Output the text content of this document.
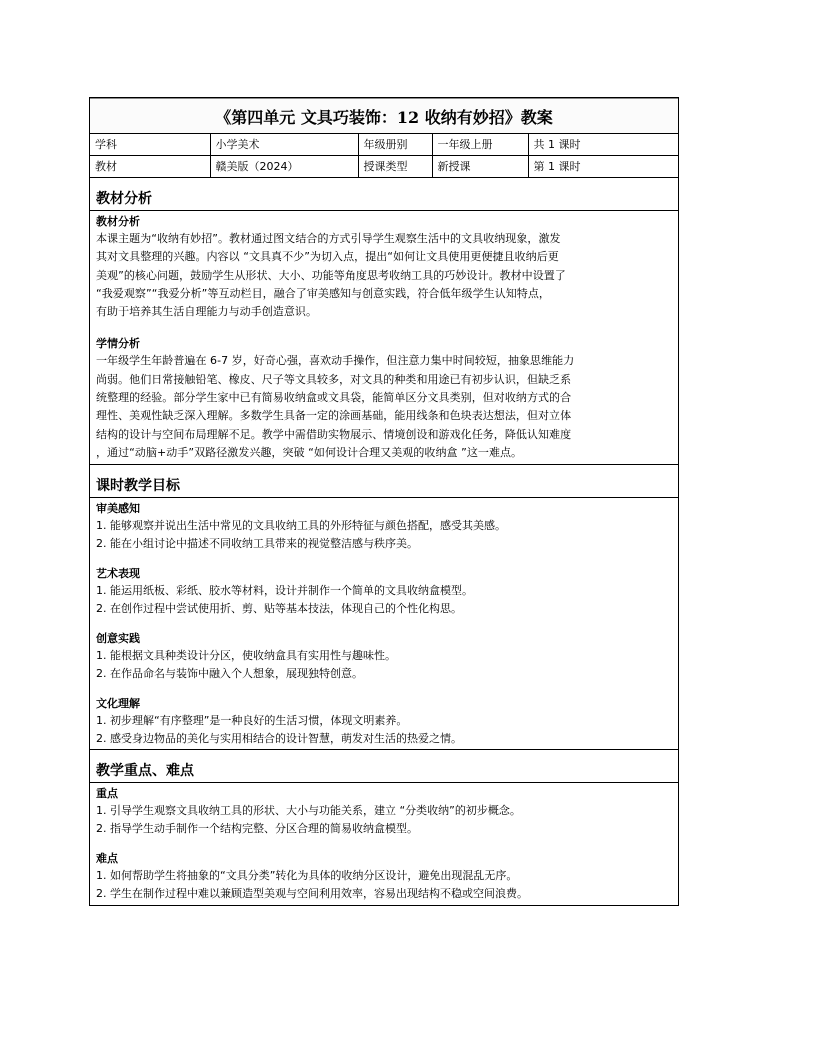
《第四单元 文具巧装饰：12 收纳有妙招》教案
学科	小学美术	年级册别	一年级上册	共 1 课时
教材	赣美版（2024）	授课类型	新授课	第 1 课时
教材分析
教材分析
本课主题为“收纳有妙招”。教材通过图文结合的方式引导学生观察生活中的文具收纳现象，激发
其对文具整理的兴趣。内容以 “文具真不少”为切入点，提出“如何让文具使用更便捷且收纳后更
美观”的核心问题，鼓励学生从形状、大小、功能等角度思考收纳工具的巧妙设计。教材中设置了
“我爱观察”“我爱分析”等互动栏目，融合了审美感知与创意实践，符合低年级学生认知特点，
有助于培养其生活自理能力与动手创造意识。
学情分析
一年级学生年龄普遍在 6-7 岁，好奇心强，喜欢动手操作，但注意力集中时间较短，抽象思维能力
尚弱。他们日常接触铅笔、橡皮、尺子等文具较多，对文具的种类和用途已有初步认识，但缺乏系
统整理的经验。部分学生家中已有简易收纳盒或文具袋，能简单区分文具类别，但对收纳方式的合
理性、美观性缺乏深入理解。多数学生具备一定的涂画基础，能用线条和色块表达想法，但对立体
结构的设计与空间布局理解不足。教学中需借助实物展示、情境创设和游戏化任务，降低认知难度
，通过“动脑+动手”双路径激发兴趣，突破 “如何设计合理又美观的收纳盒 ”这一难点。
课时教学目标
审美感知
1. 能够观察并说出生活中常见的文具收纳工具的外形特征与颜色搭配，感受其美感。
2. 能在小组讨论中描述不同收纳工具带来的视觉整洁感与秩序美。
艺术表现
1. 能运用纸板、彩纸、胶水等材料，设计并制作一个简单的文具收纳盒模型。
2. 在创作过程中尝试使用折、剪、贴等基本技法，体现自己的个性化构思。
创意实践
1. 能根据文具种类设计分区，使收纳盒具有实用性与趣味性。
2. 在作品命名与装饰中融入个人想象，展现独特创意。
文化理解
1. 初步理解“有序整理”是一种良好的生活习惯，体现文明素养。
2. 感受身边物品的美化与实用相结合的设计智慧，萌发对生活的热爱之情。
教学重点、难点
重点
1. 引导学生观察文具收纳工具的形状、大小与功能关系，建立 “分类收纳”的初步概念。
2. 指导学生动手制作一个结构完整、分区合理的简易收纳盒模型。
难点
1. 如何帮助学生将抽象的“文具分类”转化为具体的收纳分区设计，避免出现混乱无序。
2. 学生在制作过程中难以兼顾造型美观与空间利用效率，容易出现结构不稳或空间浪费。
